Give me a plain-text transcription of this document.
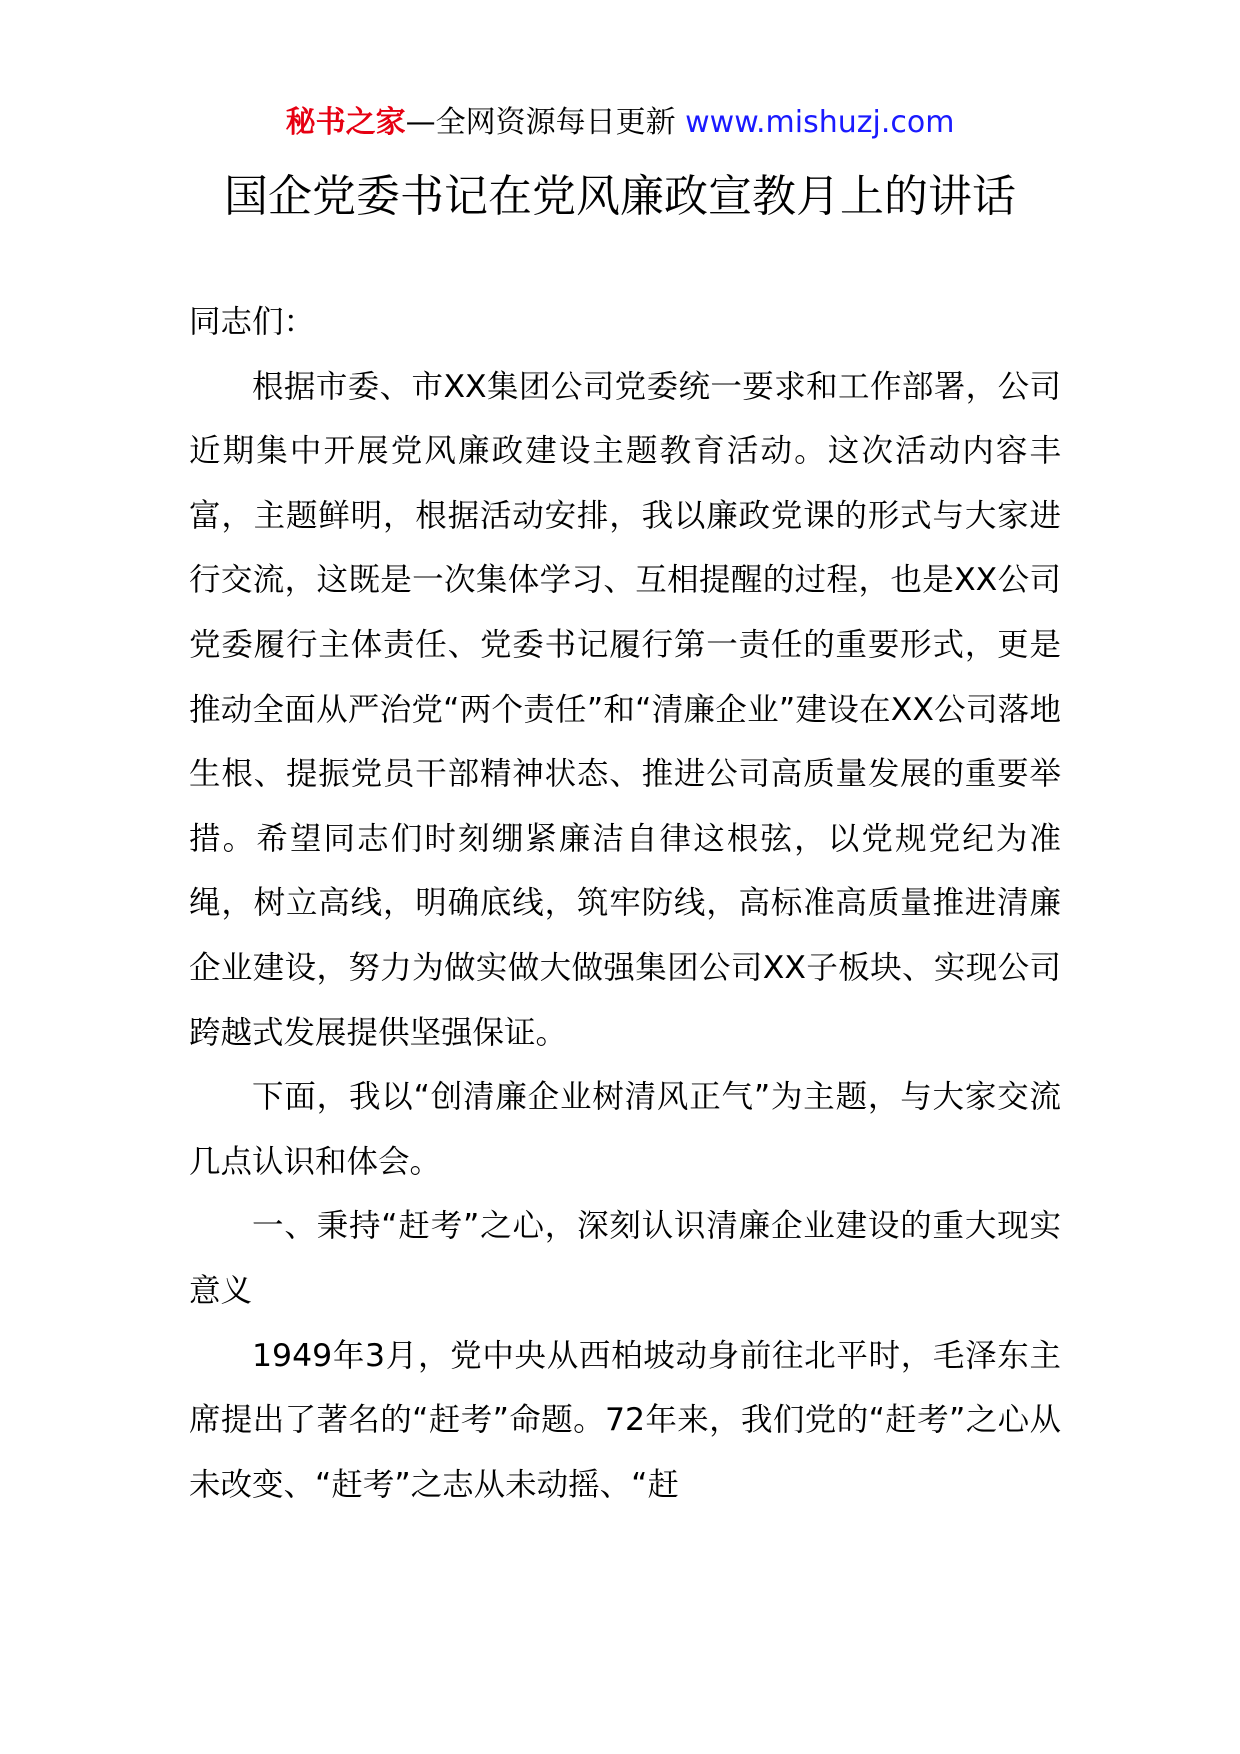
秘书之家—全网资源每日更新 www.mishuzj.com
国企党委书记在党风廉政宣教月上的讲话

同志们：

根据市委、市XX集团公司党委统一要求和工作部署，公司近期集中开展党风廉政建设主题教育活动。这次活动内容丰富，主题鲜明，根据活动安排，我以廉政党课的形式与大家进行交流，这既是一次集体学习、互相提醒的过程，也是XX公司党委履行主体责任、党委书记履行第一责任的重要形式，更是推动全面从严治党“两个责任”和“清廉企业”建设在XX公司落地生根、提振党员干部精神状态、推进公司高质量发展的重要举措。希望同志们时刻绷紧廉洁自律这根弦，以党规党纪为准绳，树立高线，明确底线，筑牢防线，高标准高质量推进清廉企业建设，努力为做实做大做强集团公司XX子板块、实现公司跨越式发展提供坚强保证。

下面，我以“创清廉企业树清风正气”为主题，与大家交流几点认识和体会。

一、秉持“赶考”之心，深刻认识清廉企业建设的重大现实意义

1949年3月，党中央从西柏坡动身前往北平时，毛泽东主席提出了著名的“赶考”命题。72年来，我们党的“赶考”之心从未改变、“赶考”之志从未动摇、“赶
